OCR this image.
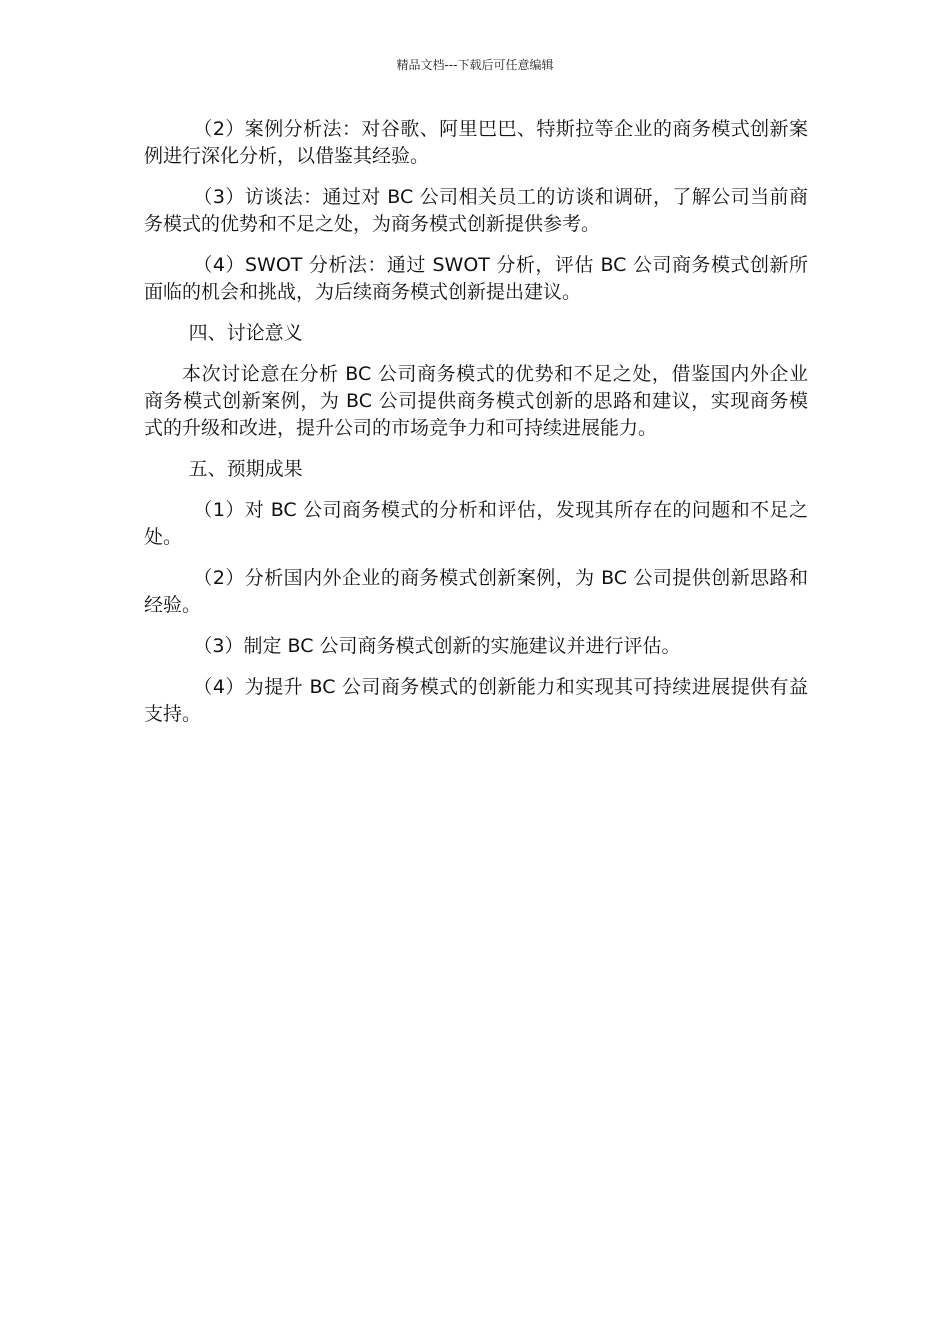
精品文档---下载后可任意编辑

（2）案例分析法：对谷歌、阿里巴巴、特斯拉等企业的商务模式创新案例进行深化分析，以借鉴其经验。

（3）访谈法：通过对 BC 公司相关员工的访谈和调研，了解公司当前商务模式的优势和不足之处，为商务模式创新提供参考。

（4）SWOT 分析法：通过 SWOT 分析，评估 BC 公司商务模式创新所面临的机会和挑战，为后续商务模式创新提出建议。

四、讨论意义

本次讨论意在分析 BC 公司商务模式的优势和不足之处，借鉴国内外企业商务模式创新案例，为 BC 公司提供商务模式创新的思路和建议，实现商务模式的升级和改进，提升公司的市场竞争力和可持续进展能力。

五、预期成果

（1）对 BC 公司商务模式的分析和评估，发现其所存在的问题和不足之处。

（2）分析国内外企业的商务模式创新案例，为 BC 公司提供创新思路和经验。

（3）制定 BC 公司商务模式创新的实施建议并进行评估。

（4）为提升 BC 公司商务模式的创新能力和实现其可持续进展提供有益支持。
